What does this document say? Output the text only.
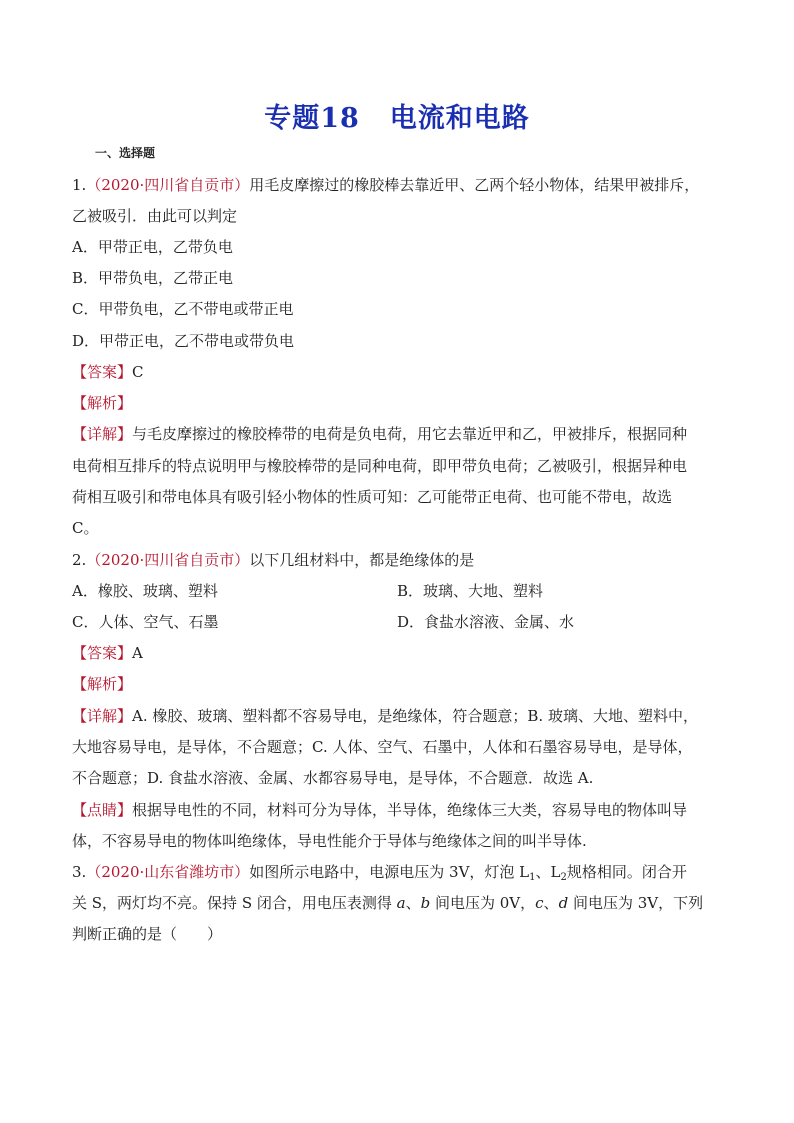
专题18 电流和电路
一、选择题
1.（2020·四川省自贡市）用毛皮摩擦过的橡胶棒去靠近甲、乙两个轻小物体，结果甲被排斥，
乙被吸引．由此可以判定
A．甲带正电，乙带负电
B．甲带负电，乙带正电
C．甲带负电，乙不带电或带正电
D．甲带正电，乙不带电或带负电
【答案】C
【解析】
【详解】与毛皮摩擦过的橡胶棒带的电荷是负电荷，用它去靠近甲和乙，甲被排斥，根据同种
电荷相互排斥的特点说明甲与橡胶棒带的是同种电荷，即甲带负电荷；乙被吸引，根据异种电
荷相互吸引和带电体具有吸引轻小物体的性质可知：乙可能带正电荷、也可能不带电，故选
C。
2.（2020·四川省自贡市）以下几组材料中，都是绝缘体的是
A．橡胶、玻璃、塑料	B．玻璃、大地、塑料
C．人体、空气、石墨	D．食盐水溶液、金属、水
【答案】A
【解析】
【详解】A. 橡胶、玻璃、塑料都不容易导电，是绝缘体，符合题意；B. 玻璃、大地、塑料中，
大地容易导电，是导体，不合题意；C. 人体、空气、石墨中，人体和石墨容易导电，是导体，
不合题意；D. 食盐水溶液、金属、水都容易导电，是导体，不合题意．故选 A.
【点睛】根据导电性的不同，材料可分为导体，半导体，绝缘体三大类，容易导电的物体叫导
体，不容易导电的物体叫绝缘体，导电性能介于导体与绝缘体之间的叫半导体.
3.（2020·山东省潍坊市）如图所示电路中，电源电压为 3V，灯泡 $L_1$、$L_2$规格相同。闭合开
关 S，两灯均不亮。保持 S 闭合，用电压表测得 a、b 间电压为 0V，c、d 间电压为 3V，下列
判断正确的是（　　）
